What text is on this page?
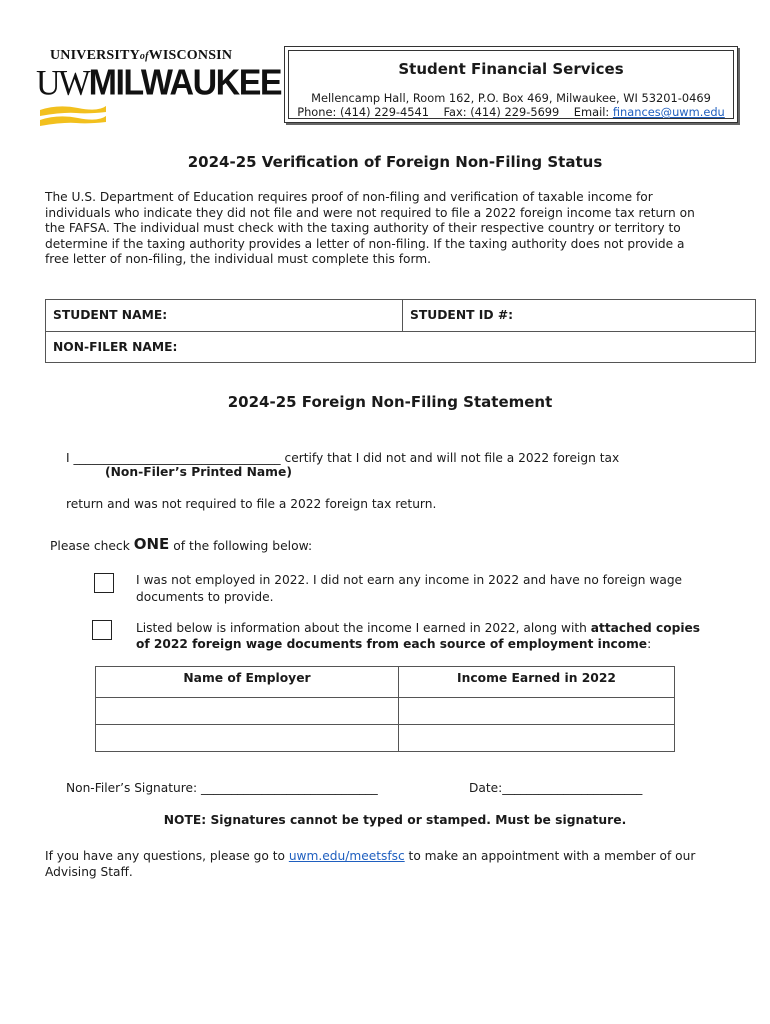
UNIVERSITYofWISCONSIN
UWMILWAUKEE	Student Financial Services
Mellencamp Hall, Room 162, P.O. Box 469, Milwaukee, WI 53201-0469
Phone: (414) 229-4541 Fax: (414) 229-5699 Email: finances@uwm.edu
2024-25 Verification of Foreign Non-Filing Status
The U.S. Department of Education requires proof of non-filing and verification of taxable income for
individuals who indicate they did not file and were not required to file a 2022 foreign income tax return on
the FAFSA. The individual must check with the taxing authority of their respective country or territory to
determine if the taxing authority provides a letter of non-filing. If the taxing authority does not provide a
free letter of non-filing, the individual must complete this form.
STUDENT NAME:	STUDENT ID #:
NON-FILER NAME:
2024-25 Foreign Non-Filing Statement
I __________________________________ certify that I did not and will not file a 2022 foreign tax
(Non-Filer’s Printed Name)
return and was not required to file a 2022 foreign tax return.
Please check ONE of the following below:
I was not employed in 2022. I did not earn any income in 2022 and have no foreign wage
documents to provide.
Listed below is information about the income I earned in 2022, along with attached copies
of 2022 foreign wage documents from each source of employment income:
Name of Employer	Income Earned in 2022

Non-Filer’s Signature: _____________________________	Date:_______________________
NOTE: Signatures cannot be typed or stamped. Must be signature.
If you have any questions, please go to uwm.edu/meetsfsc to make an appointment with a member of our
Advising Staff.
